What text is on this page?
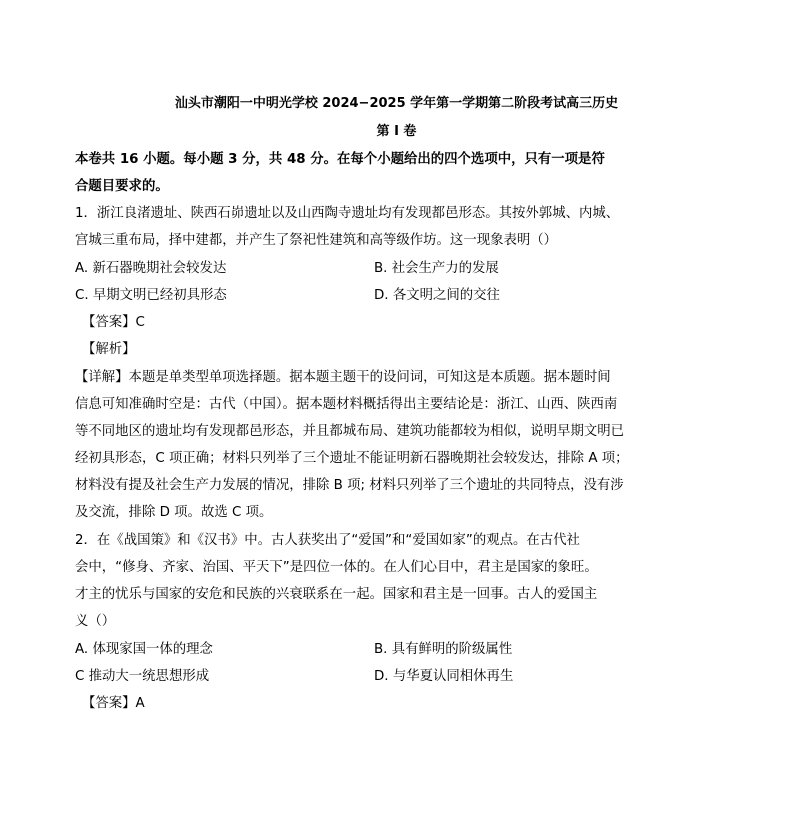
汕头市潮阳一中明光学校 2024−2025 学年第一学期第二阶段考试高三历史
第 I 卷
本卷共 16 小题。每小题 3 分，共 48 分。在每个小题给出的四个选项中，只有一项是符
合题目要求的。
1．浙江良渚遗址、陕西石峁遗址以及山西陶寺遗址均有发现都邑形态。其按外郭城、内城、
宫城三重布局，择中建都，并产生了祭祀性建筑和高等级作坊。这一现象表明（）
A. 新石器晚期社会较发达	B. 社会生产力的发展
C. 早期文明已经初具形态	D. 各文明之间的交往
【答案】C
【解析】
【详解】本题是单类型单项选择题。据本题主题干的设问词，可知这是本质题。据本题时间
信息可知准确时空是：古代（中国）。据本题材料概括得出主要结论是：浙江、山西、陕西南
等不同地区的遗址均有发现都邑形态，并且都城布局、建筑功能都较为相似，说明早期文明已
经初具形态，C 项正确；材料只列举了三个遗址不能证明新石器晚期社会较发达，排除 A 项；
材料没有提及社会生产力发展的情况，排除 B 项; 材料只列举了三个遗址的共同特点，没有涉
及交流，排除 D 项。故选 C 项。
2．在《战国策》和《汉书》中。古人获奖出了“爱国”和“爱国如家”的观点。在古代社
会中，“修身、齐家、治国、平天下”是四位一体的。在人们心目中，君主是国家的象旺。
才主的忧乐与国家的安危和民族的兴衰联系在一起。国家和君主是一回事。古人的爱国主
义（）
A. 体现家国一体的理念	B. 具有鲜明的阶级属性
C 推动大一统思想形成	D. 与华夏认同相休再生
【答案】A
